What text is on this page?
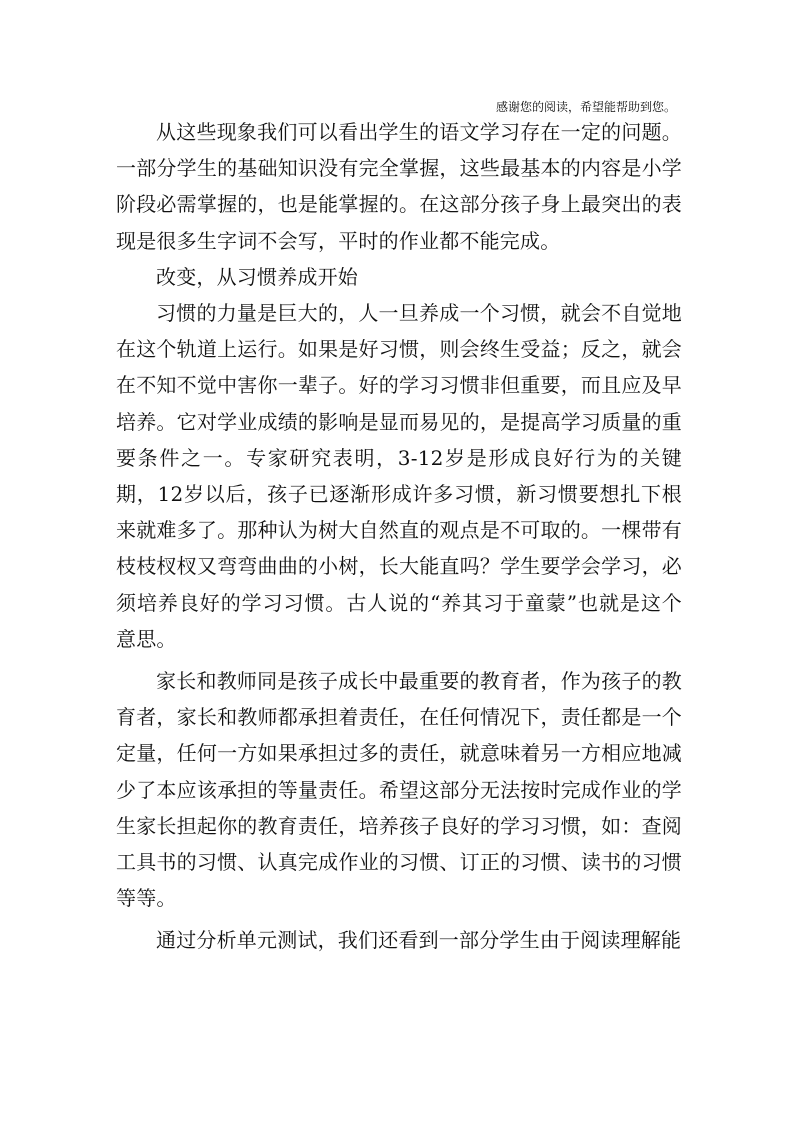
感谢您的阅读，希望能帮助到您。

从这些现象我们可以看出学生的语文学习存在一定的问题。一部分学生的基础知识没有完全掌握，这些最基本的内容是小学阶段必需掌握的，也是能掌握的。在这部分孩子身上最突出的表现是很多生字词不会写，平时的作业都不能完成。

改变，从习惯养成开始

习惯的力量是巨大的，人一旦养成一个习惯，就会不自觉地在这个轨道上运行。如果是好习惯，则会终生受益；反之，就会在不知不觉中害你一辈子。好的学习习惯非但重要，而且应及早培养。它对学业成绩的影响是显而易见的，是提高学习质量的重要条件之一。专家研究表明，3-12岁是形成良好行为的关键期，12岁以后，孩子已逐渐形成许多习惯，新习惯要想扎下根来就难多了。那种认为树大自然直的观点是不可取的。一棵带有枝枝杈杈又弯弯曲曲的小树，长大能直吗？学生要学会学习，必须培养良好的学习习惯。古人说的“养其习于童蒙”也就是这个意思。

家长和教师同是孩子成长中最重要的教育者，作为孩子的教育者，家长和教师都承担着责任，在任何情况下，责任都是一个定量，任何一方如果承担过多的责任，就意味着另一方相应地减少了本应该承担的等量责任。希望这部分无法按时完成作业的学生家长担起你的教育责任，培养孩子良好的学习习惯，如：查阅工具书的习惯、认真完成作业的习惯、订正的习惯、读书的习惯等等。

通过分析单元测试，我们还看到一部分学生由于阅读理解能
